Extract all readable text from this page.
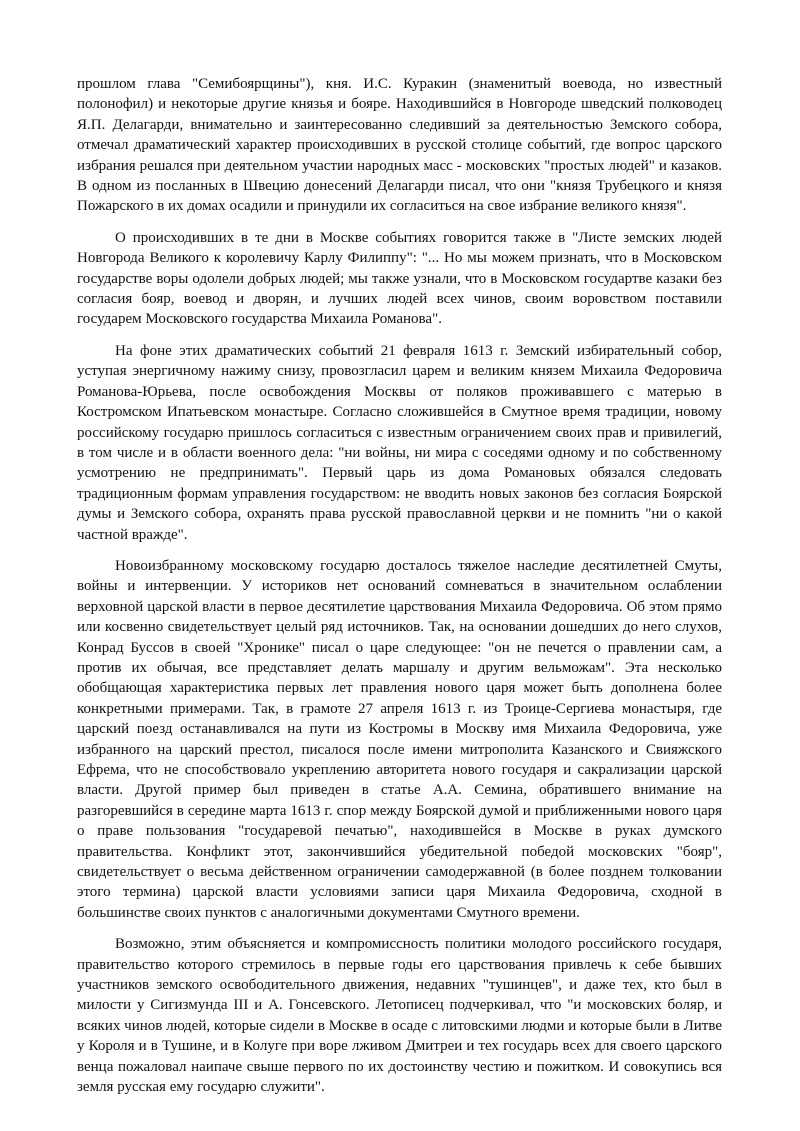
прошлом глава "Семибоярщины"), кня. И.С. Куракин (знаменитый воевода, но известный полонофил) и некоторые другие князья и бояре. Находившийся в Новгороде шведский полководец Я.П. Делагарди, внимательно и заинтересованно следивший за деятельностью Земского собора, отмечал драматический характер происходивших в русской столице событий, где вопрос царского избрания решался при деятельном участии народных масс - московских "простых людей" и казаков. В одном из посланных в Швецию донесений Делагарди писал, что они "князя Трубецкого и князя Пожарского в их домах осадили и принудили их согласиться на свое избрание великого князя".

О происходивших в те дни в Москве событиях говорится также в "Листе земских людей Новгорода Великого к королевичу Карлу Филиппу": "... Но мы можем признать, что в Московском государстве воры одолели добрых людей; мы также узнали, что в Московском государтве казаки без согласия бояр, воевод и дворян, и лучших людей всех чинов, своим воровством поставили государем Московского государства Михаила Романова".

На фоне этих драматических событий 21 февраля 1613 г. Земский избирательный собор, уступая энергичному нажиму снизу, провозгласил царем и великим князем Михаила Федоровича Романова-Юрьева, после освобождения Москвы от поляков проживавшего с матерью в Костромском Ипатьевском монастыре. Согласно сложившейся в Смутное время традиции, новому российскому государю пришлось согласиться с известным ограничением своих прав и привилегий, в том числе и в области военного дела: "ни войны, ни мира с соседями одному и по собственному усмотрению не предпринимать". Первый царь из дома Романовых обязался следовать традиционным формам управления государством: не вводить новых законов без согласия Боярской думы и Земского собора, охранять права русской православной церкви и не помнить "ни о какой частной вражде".

Новоизбранному московскому государю досталось тяжелое наследие десятилетней Смуты, войны и интервенции. У историков нет оснований сомневаться в значительном ослаблении верховной царской власти в первое десятилетие царствования Михаила Федоровича. Об этом прямо или косвенно свидетельствует целый ряд источников. Так, на основании дошедших до него слухов, Конрад Буссов в своей "Хронике" писал о царе следующее: "он не печется о правлении сам, а против их обычая, все представляет делать маршалу и другим вельможам". Эта несколько обобщающая характеристика первых лет правления нового царя может быть дополнена более конкретными примерами. Так, в грамоте 27 апреля 1613 г. из Троице-Сергиева монастыря, где царский поезд останавливался на пути из Костромы в Москву имя Михаила Федоровича, уже избранного на царский престол, писалося после имени митрополита Казанского и Свияжского Ефрема, что не способствовало укреплению авторитета нового государя и сакрализации царской власти. Другой пример был приведен в статье А.А. Семина, обратившего внимание на разгоревшийся в середине марта 1613 г. спор между Боярской думой и приближенными нового царя о праве пользования "государевой печатью", находившейся в Москве в руках думского правительства. Конфликт этот, закончившийся убедительной победой московских "бояр", свидетельствует о весьма действенном ограничении самодержавной (в более позднем толковании этого термина) царской власти условиями записи царя Михаила Федоровича, сходной в большинстве своих пунктов с аналогичными документами Смутного времени.

Возможно, этим объясняется и компромиссность политики молодого российского государя, правительство которого стремилось в первые годы его царствования привлечь к себе бывших участников земского освободительного движения, недавних "тушинцев", и даже тех, кто был в милости у Сигизмунда III и А. Гонсевского. Летописец подчеркивал, что "и московских боляр, и всяких чинов людей, которые сидели в Москве в осаде с литовскими людми и которые были в Литве у Короля и в Тушине, и в Колуге при воре лживом Дмитреи и тех государь всех для своего царского венца пожаловал наипаче свыше первого по их достоинству честию и пожитком. И совокупись вся земля русская ему государю служити".
